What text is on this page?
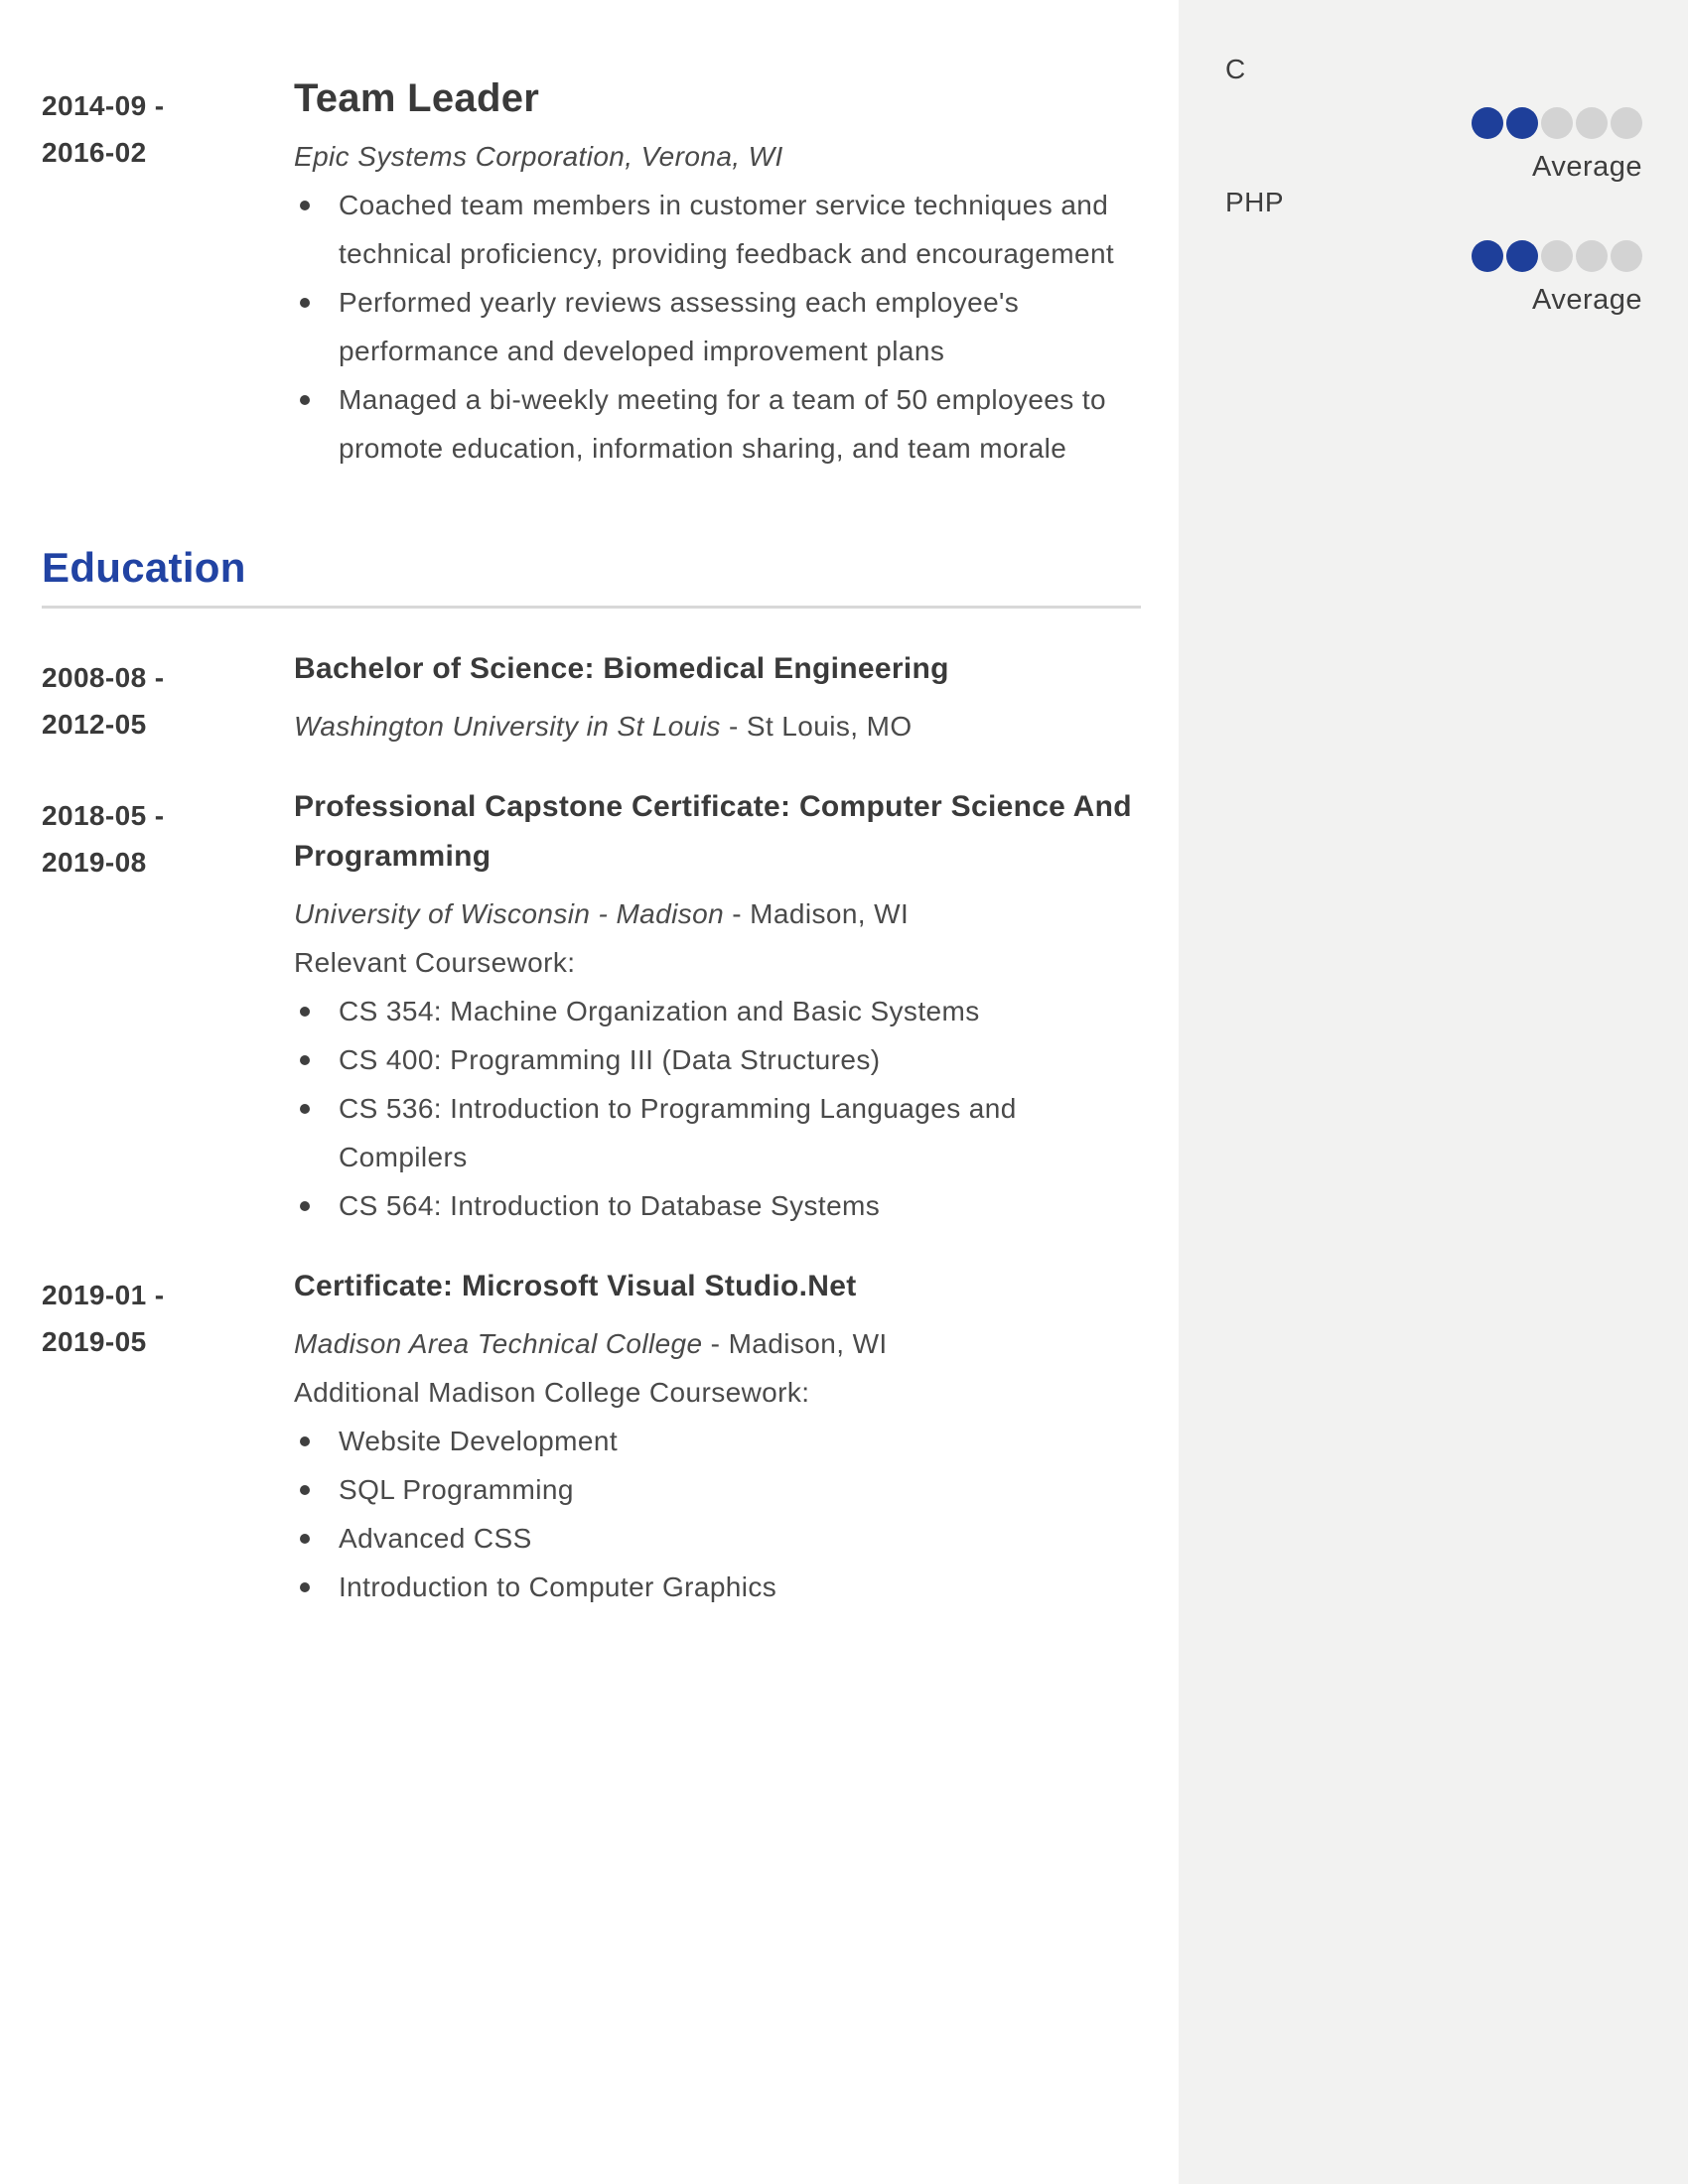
2014-09 -
2016-02
Team Leader

Epic Systems Corporation, Verona, WI

Coached team members in customer service techniques and technical proficiency, providing feedback and encouragement
Performed yearly reviews assessing each employee's performance and developed improvement plans
Managed a bi-weekly meeting for a team of 50 employees to promote education, information sharing, and team morale
Education
2008-08 -
2012-05
Bachelor of Science: Biomedical Engineering

Washington University in St Louis - St Louis, MO

2018-05 -
2019-08
Professional Capstone Certificate: Computer Science And Programming

University of Wisconsin - Madison - Madison, WI

Relevant Coursework:

CS 354: Machine Organization and Basic Systems
CS 400: Programming III (Data Structures)
CS 536: Introduction to Programming Languages and Compilers
CS 564: Introduction to Database Systems
2019-01 -
2019-05
Certificate: Microsoft Visual Studio.Net

Madison Area Technical College - Madison, WI

Additional Madison College Coursework:

Website Development
SQL Programming
Advanced CSS
Introduction to Computer Graphics
C
Average
PHP
Average
